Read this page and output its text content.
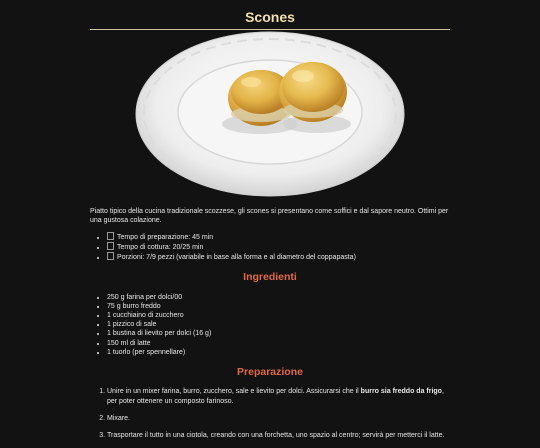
Scones

Piatto tipico della cucina tradizionale scozzese, gli scones si presentano come soffici e dal sapore neutro. Ottimi per una gustosa colazione.

• Tempo di preparazione: 45 min
• Tempo di cottura: 20/25 min
• Porzioni: 7/9 pezzi (variabile in base alla forma e al diametro del coppapasta)
Ingredienti
• 250 g farina per dolci/00
• 75 g burro freddo
• 1 cucchiaino di zucchero
• 1 pizzico di sale
• 1 bustina di lievito per dolci (16 g)
• 150 ml di latte
• 1 tuorlo (per spennellare)
Preparazione
1. Unire in un mixer farina, burro, zucchero, sale e lievito per dolci. Assicurarsi che il burro sia freddo da frigo, per poter ottenere un composto farinoso.
2. Mixare.
3. Trasportare il tutto in una ciotola, creando con una forchetta, uno spazio al centro; servirà per metterci il latte.
